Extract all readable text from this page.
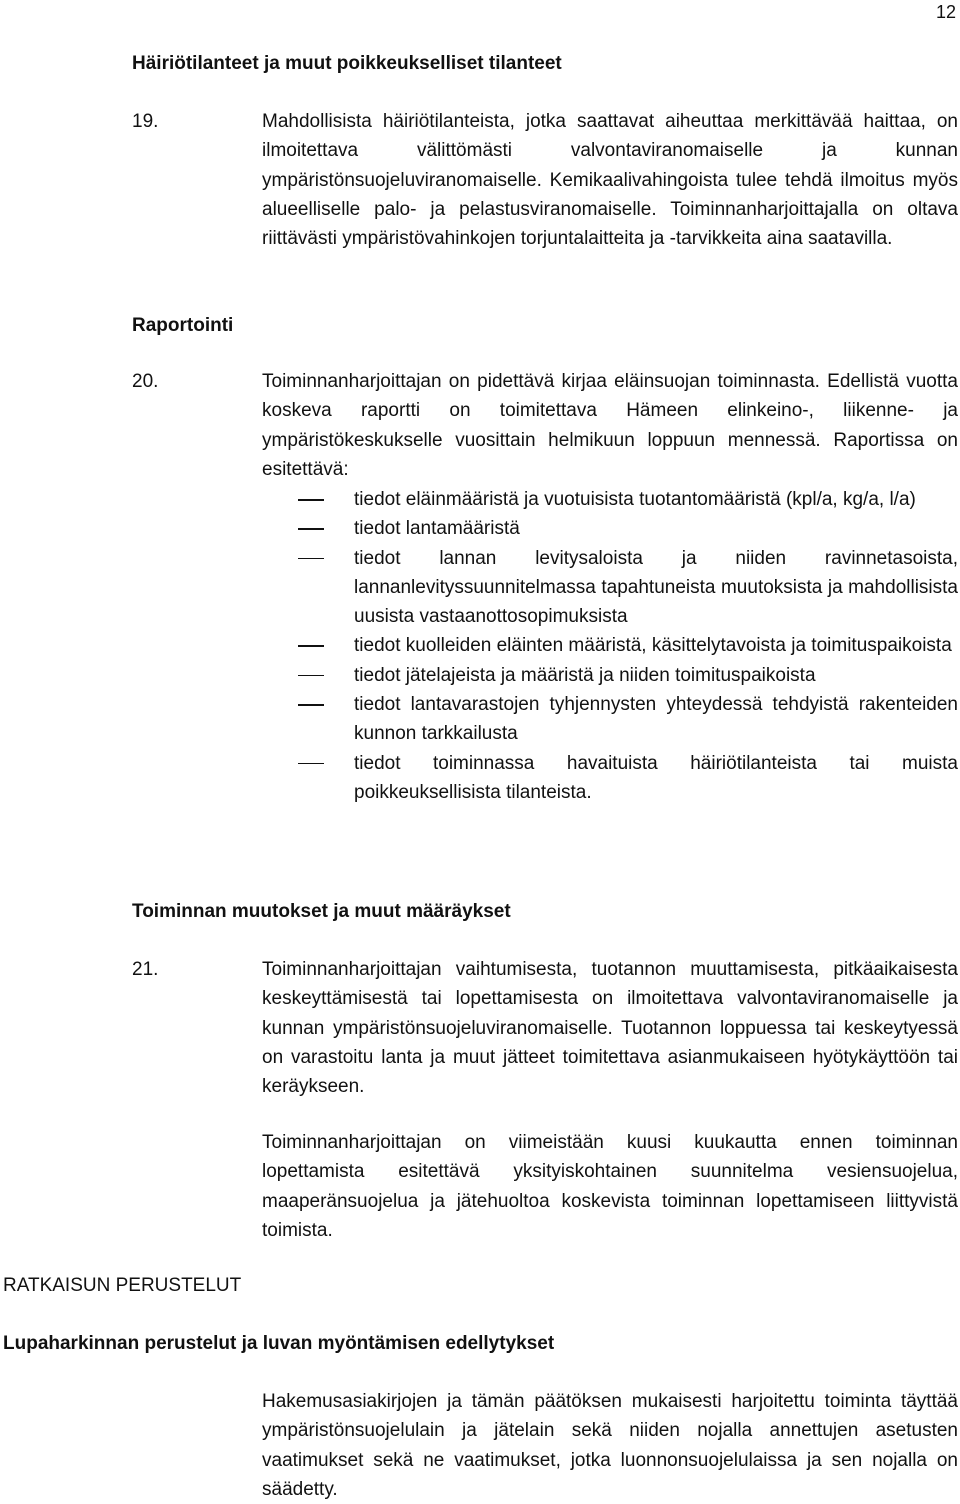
12
Häiriötilanteet ja muut poikkeukselliset tilanteet
19.	Mahdollisista häiriötilanteista, jotka saattavat aiheuttaa merkittävää haittaa, on ilmoitettava välittömästi valvontaviranomaiselle ja kunnan ympäristönsuojeluviranomaiselle. Kemikaalivahingoista tulee tehdä ilmoitus myös alueelliselle palo- ja pelastusviranomaiselle. Toiminnanharjoittajalla on oltava riittävästi ympäristövahinkojen torjuntalaitteita ja -tarvikkeita aina saatavilla.
Raportointi
20.	Toiminnanharjoittajan on pidettävä kirjaa eläinsuojan toiminnasta. Edellistä vuotta koskeva raportti on toimitettava Hämeen elinkeino-, liikenne- ja ympäristökeskukselle vuosittain helmikuun loppuun mennessä. Raportissa on esitettävä:
tiedot eläinmääristä ja vuotuisista tuotantomääristä (kpl/a, kg/a, l/a)
tiedot lantamääristä
tiedot lannan levitysaloista ja niiden ravinnetasoista, lannanlevityssuunnitelmassa tapahtuneista muutoksista ja mahdollisista uusista vastaanottosopimuksista
tiedot kuolleiden eläinten määristä, käsittelytavoista ja toimituspaikoista
tiedot jätelajeista ja määristä ja niiden toimituspaikoista
tiedot lantavarastojen tyhjennysten yhteydessä tehdyistä rakenteiden kunnon tarkkailusta
tiedot toiminnassa havaituista häiriötilanteista tai muista poikkeuksellisista tilanteista.
Toiminnan muutokset ja muut määräykset
21.	Toiminnanharjoittajan vaihtumisesta, tuotannon muuttamisesta, pitkäaikaisesta keskeyttämisestä tai lopettamisesta on ilmoitettava valvontaviranomaiselle ja kunnan ympäristönsuojeluviranomaiselle. Tuotannon loppuessa tai keskeytyessä on varastoitu lanta ja muut jätteet toimitettava asianmukaiseen hyötykäyttöön tai keräykseen.
Toiminnanharjoittajan on viimeistään kuusi kuukautta ennen toiminnan lopettamista esitettävä yksityiskohtainen suunnitelma vesiensuojelua, maaperänsuojelua ja jätehuoltoa koskevista toiminnan lopettamiseen liittyvistä toimista.
RATKAISUN PERUSTELUT
Lupaharkinnan perustelut ja luvan myöntämisen edellytykset
Hakemusasiakirjojen ja tämän päätöksen mukaisesti harjoitettu toiminta täyttää ympäristönsuojelulain ja jätelain sekä niiden nojalla annettujen asetusten vaatimukset sekä ne vaatimukset, jotka luonnonsuojelulaissa ja sen nojalla on säädetty.
